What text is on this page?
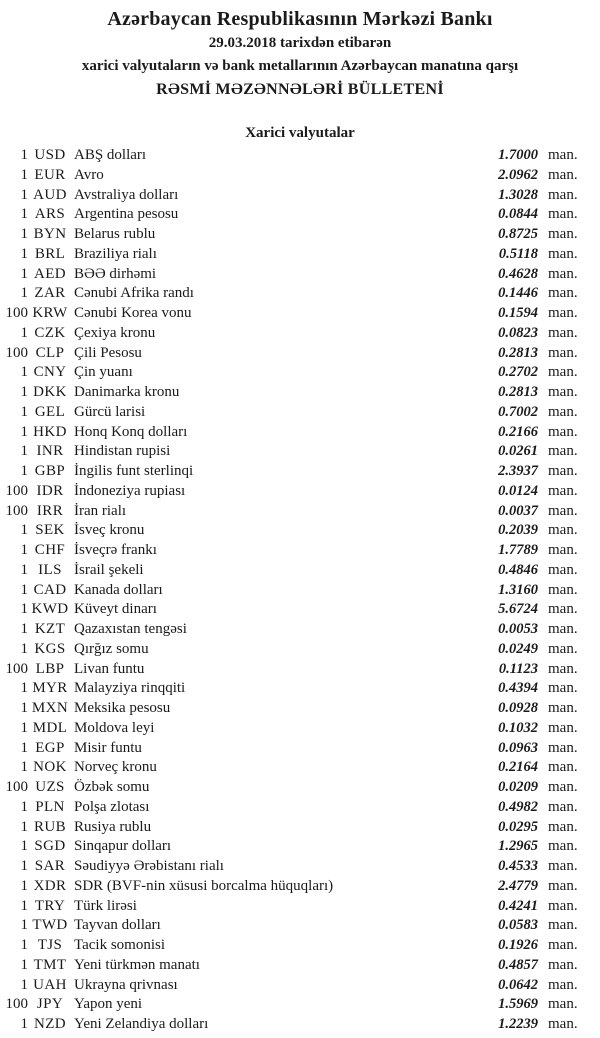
Azərbaycan Respublikasının Mərkəzi Bankı
29.03.2018 tarixdən etibarən
xarici valyutaların və bank metallarının Azərbaycan manatına qarşı
RƏSMİ MƏZƏNNƏLƏRİ BÜLLETENİ
Xarici valyutalar
1 USD ABŞ dolları	1.7000 man.
1 EUR Avro	2.0962 man.
1 AUD Avstraliya dolları	1.3028 man.
1 ARS Argentina pesosu	0.0844 man.
1 BYN Belarus rublu	0.8725 man.
1 BRL Braziliya rialı	0.5118 man.
1 AED BƏƏ dirhəmi	0.4628 man.
1 ZAR Cənubi Afrika randı	0.1446 man.
100 KRW Cənubi Korea vonu	0.1594 man.
1 CZK Çexiya kronu	0.0823 man.
100 CLP Çili Pesosu	0.2813 man.
1 CNY Çin yuanı	0.2702 man.
1 DKK Danimarka kronu	0.2813 man.
1 GEL Gürcü larisi	0.7002 man.
1 HKD Honq Konq dolları	0.2166 man.
1 INR Hindistan rupisi	0.0261 man.
1 GBP İngilis funt sterlinqi	2.3937 man.
100 IDR İndoneziya rupiası	0.0124 man.
100 IRR İran rialı	0.0037 man.
1 SEK İsveç kronu	0.2039 man.
1 CHF İsveçrə frankı	1.7789 man.
1 ILS İsrail şekeli	0.4846 man.
1 CAD Kanada dolları	1.3160 man.
1 KWD Küveyt dinarı	5.6724 man.
1 KZT Qazaxıstan tengəsi	0.0053 man.
1 KGS Qırğız somu	0.0249 man.
100 LBP Livan funtu	0.1123 man.
1 MYR Malayziya rinqqiti	0.4394 man.
1 MXN Meksika pesosu	0.0928 man.
1 MDL Moldova leyi	0.1032 man.
1 EGP Misir funtu	0.0963 man.
1 NOK Norveç kronu	0.2164 man.
100 UZS Özbək somu	0.0209 man.
1 PLN Polşa zlotası	0.4982 man.
1 RUB Rusiya rublu	0.0295 man.
1 SGD Sinqapur dolları	1.2965 man.
1 SAR Səudiyyə Ərəbistanı rialı	0.4533 man.
1 XDR SDR (BVF-nin xüsusi borcalma hüquqları)	2.4779 man.
1 TRY Türk lirəsi	0.4241 man.
1 TWD Tayvan dolları	0.0583 man.
1 TJS Tacik somonisi	0.1926 man.
1 TMT Yeni türkmən manatı	0.4857 man.
1 UAH Ukrayna qrivnası	0.0642 man.
100 JPY Yapon yeni	1.5969 man.
1 NZD Yeni Zelandiya dolları	1.2239 man.
